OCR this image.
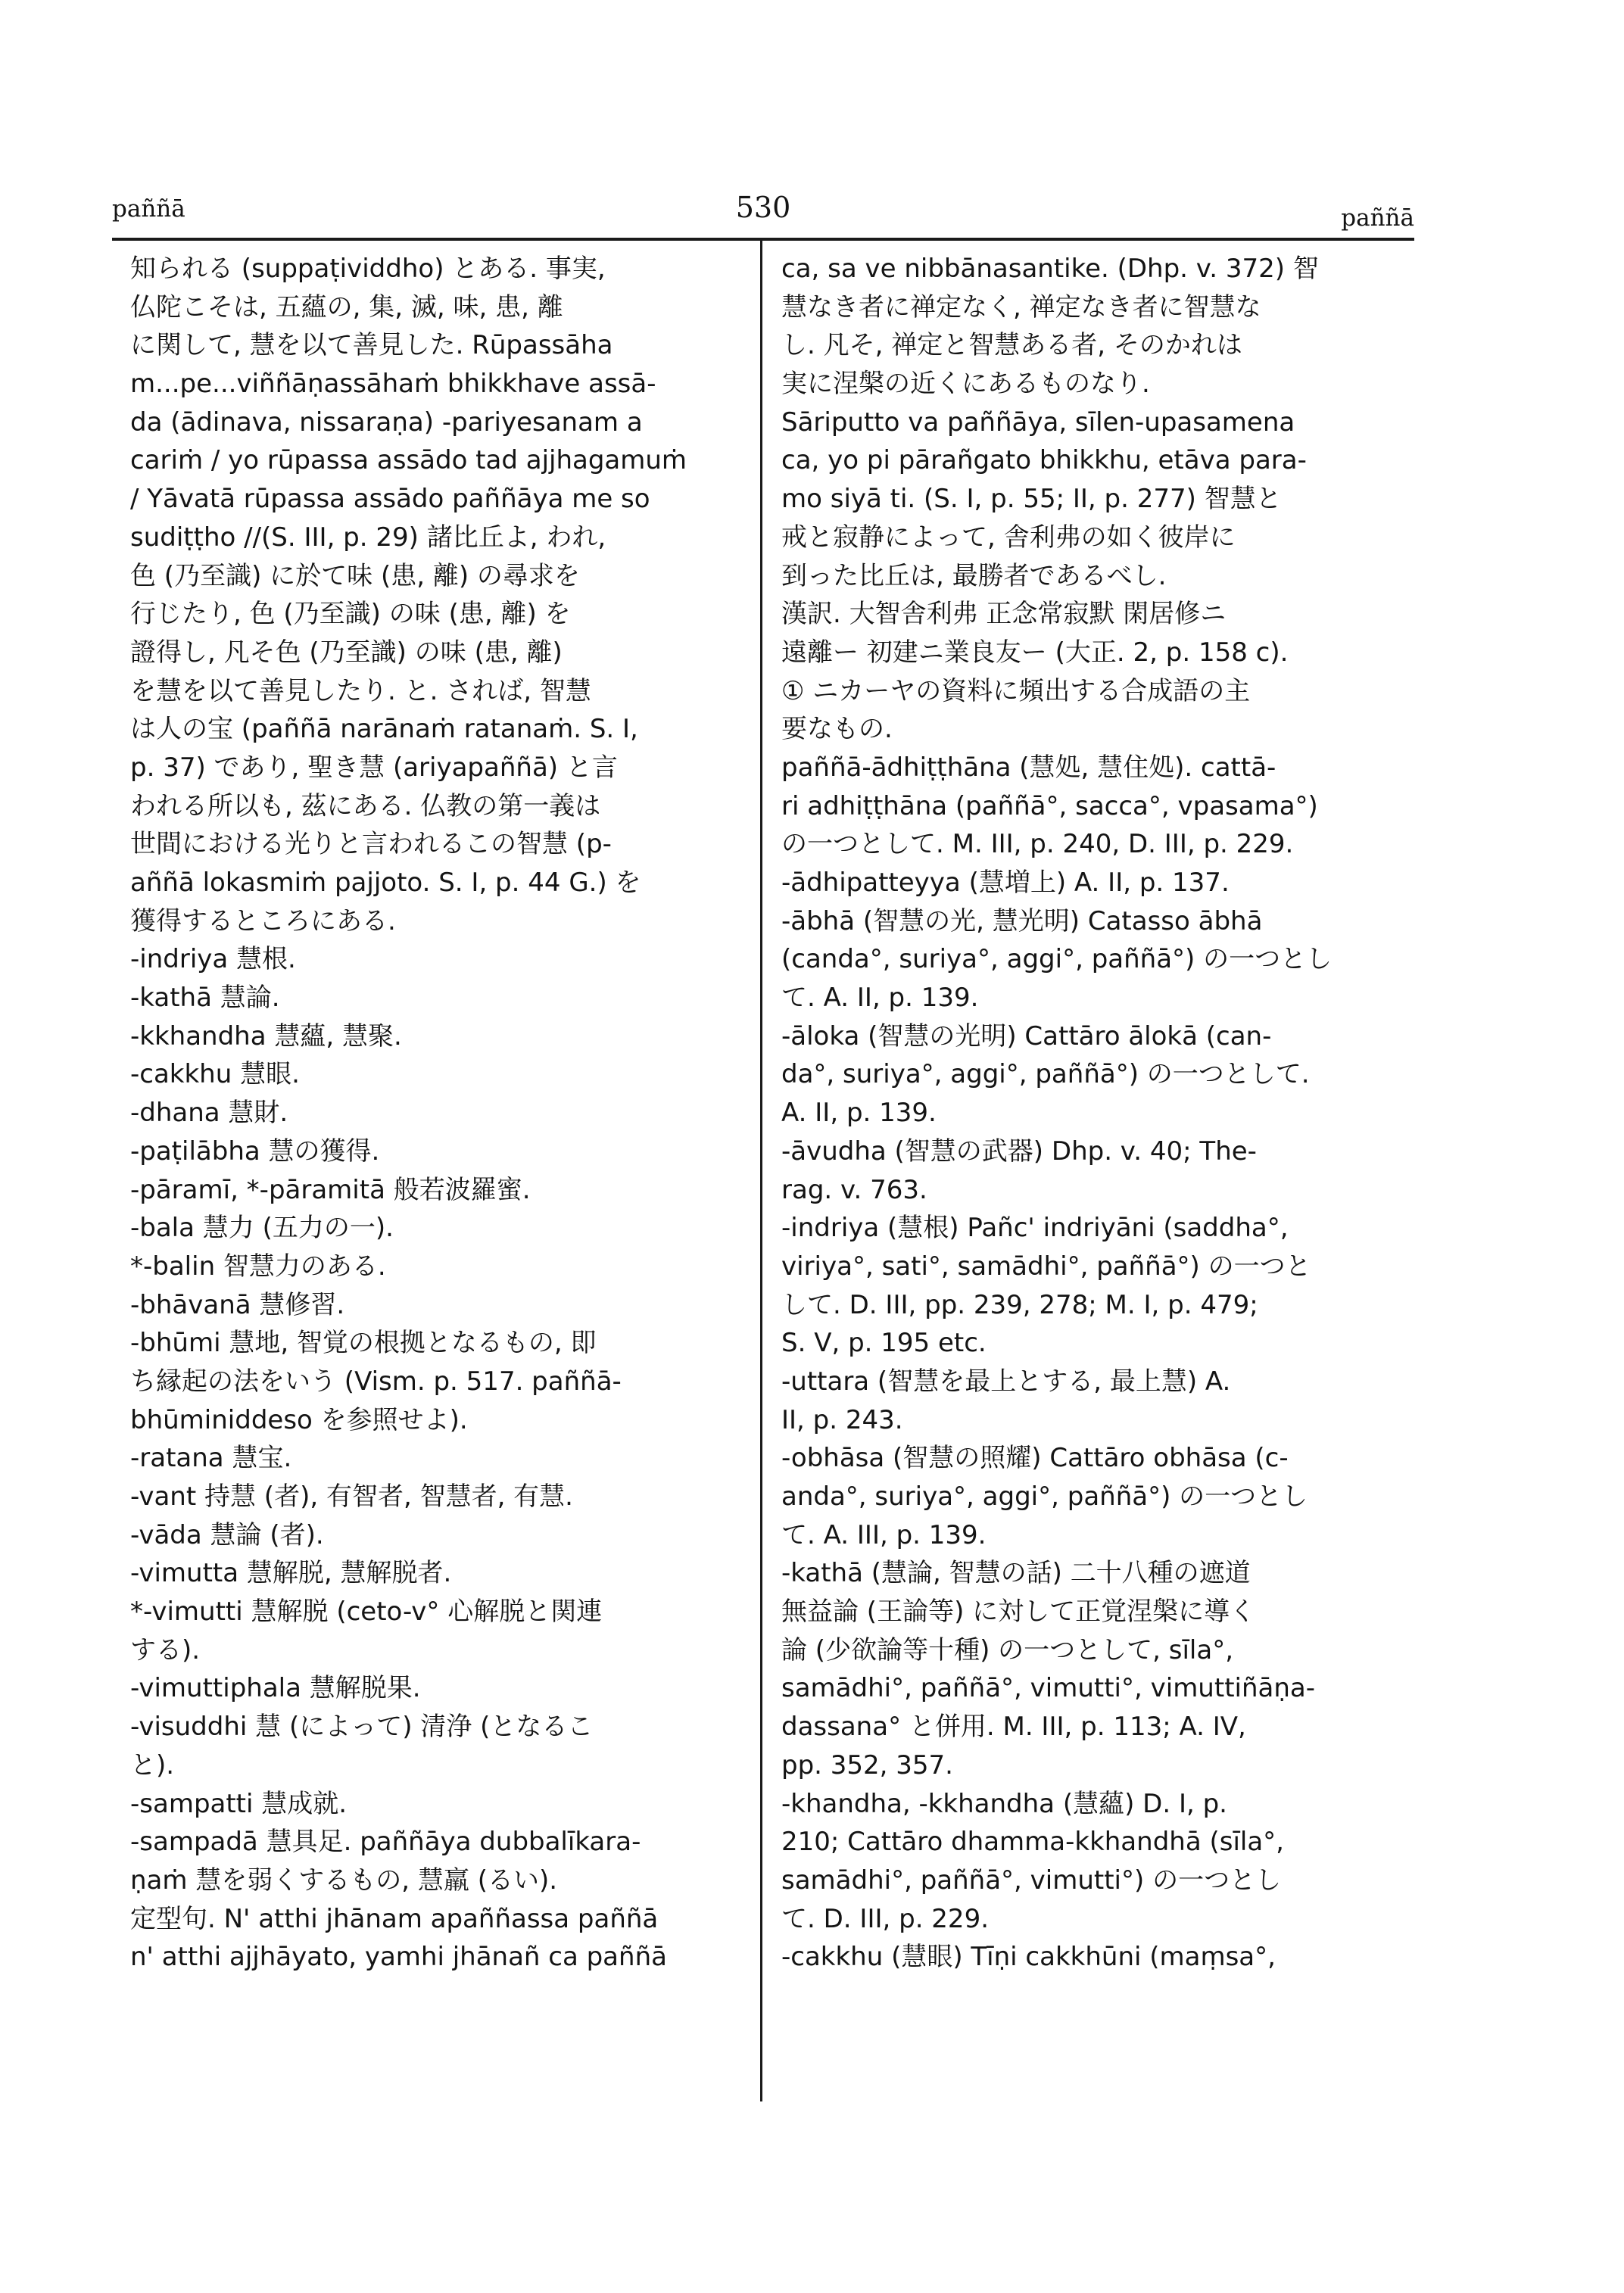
paññā	530	paññā
知られる (suppaṭividdho) とある. 事実,
仏陀こそは, 五蘊の, 集, 滅, 味, 患, 離
に関して, 慧を以て善見した. Rūpassāha
m...pe...viññāṇassāhaṁ bhikkhave assā-
da (ādinava, nissaraṇa) -pariyesanam a
cariṁ / yo rūpassa assādo tad ajjhagamuṁ
/ Yāvatā rūpassa assādo paññāya me so
sudiṭṭho //(S. III, p. 29) 諸比丘よ, われ,
色 (乃至識) に於て味 (患, 離) の尋求を
行じたり, 色 (乃至識) の味 (患, 離) を
證得し, 凡そ色 (乃至識) の味 (患, 離)
を慧を以て善見したり. と. されば, 智慧
は人の宝 (paññā narānaṁ ratanaṁ. S. I,
p. 37) であり, 聖き慧 (ariyapaññā) と言
われる所以も, 茲にある. 仏教の第一義は
世間における光りと言われるこの智慧 (p-
aññā lokasmiṁ pajjoto. S. I, p. 44 G.) を
獲得するところにある.
-indriya 慧根.
-kathā 慧論.
-kkhandha 慧蘊, 慧聚.
-cakkhu 慧眼.
-dhana 慧財.
-paṭilābha 慧の獲得.
-pāramī, *-pāramitā 般若波羅蜜.
-bala 慧力 (五力の一).
*-balin 智慧力のある.
-bhāvanā 慧修習.
-bhūmi 慧地, 智覚の根拠となるもの, 即
ち縁起の法をいう (Vism. p. 517. paññā-
bhūminiddeso を参照せよ).
-ratana 慧宝.
-vant 持慧 (者), 有智者, 智慧者, 有慧.
-vāda 慧論 (者).
-vimutta 慧解脱, 慧解脱者.
*-vimutti 慧解脱 (ceto-v° 心解脱と関連
する).
-vimuttiphala 慧解脱果.
-visuddhi 慧 (によって) 清浄 (となるこ
と).
-sampatti 慧成就.
-sampadā 慧具足. paññāya dubbalīkara-
ṇaṁ 慧を弱くするもの, 慧羸 (るい).
定型句. N' atthi jhānam apaññassa paññā
n' atthi ajjhāyato, yamhi jhānañ ca paññā
ca, sa ve nibbānasantike. (Dhp. v. 372) 智
慧なき者に禅定なく, 禅定なき者に智慧な
し. 凡そ, 禅定と智慧ある者, そのかれは
実に涅槃の近くにあるものなり.
Sāriputto va paññāya, sīlen-upasamena
ca, yo pi pārañgato bhikkhu, etāva para-
mo siyā ti. (S. I, p. 55; II, p. 277) 智慧と
戒と寂静によって, 舎利弗の如く彼岸に
到った比丘は, 最勝者であるべし.
漢訳. 大智舎利弗 正念常寂默 閑居修ニ
遠離ー 初建ニ業良友ー (大正. 2, p. 158 c).
① ニカーヤの資料に頻出する合成語の主
要なもの.
paññā-ādhiṭṭhāna (慧処, 慧住処). cattā-
ri adhiṭṭhāna (paññā°, sacca°, vpasama°)
の一つとして. M. III, p. 240, D. III, p. 229.
-ādhipatteyya (慧増上) A. II, p. 137.
-ābhā (智慧の光, 慧光明) Catasso ābhā
(canda°, suriya°, aggi°, paññā°) の一つとし
て. A. II, p. 139.
-āloka (智慧の光明) Cattāro ālokā (can-
da°, suriya°, aggi°, paññā°) の一つとして.
A. II, p. 139.
-āvudha (智慧の武器) Dhp. v. 40; The-
rag. v. 763.
-indriya (慧根) Pañc' indriyāni (saddha°,
viriya°, sati°, samādhi°, paññā°) の一つと
して. D. III, pp. 239, 278; M. I, p. 479;
S. V, p. 195 etc.
-uttara (智慧を最上とする, 最上慧) A.
II, p. 243.
-obhāsa (智慧の照耀) Cattāro obhāsa (c-
anda°, suriya°, aggi°, paññā°) の一つとし
て. A. III, p. 139.
-kathā (慧論, 智慧の話) 二十八種の遮道
無益論 (王論等) に対して正覚涅槃に導く
論 (少欲論等十種) の一つとして, sīla°,
samādhi°, paññā°, vimutti°, vimuttiñāṇa-
dassana° と併用. M. III, p. 113; A. IV,
pp. 352, 357.
-khandha, -kkhandha (慧蘊) D. I, p.
210; Cattāro dhamma-kkhandhā (sīla°,
samādhi°, paññā°, vimutti°) の一つとし
て. D. III, p. 229.
-cakkhu (慧眼) Tīṇi cakkhūni (maṃsa°,
